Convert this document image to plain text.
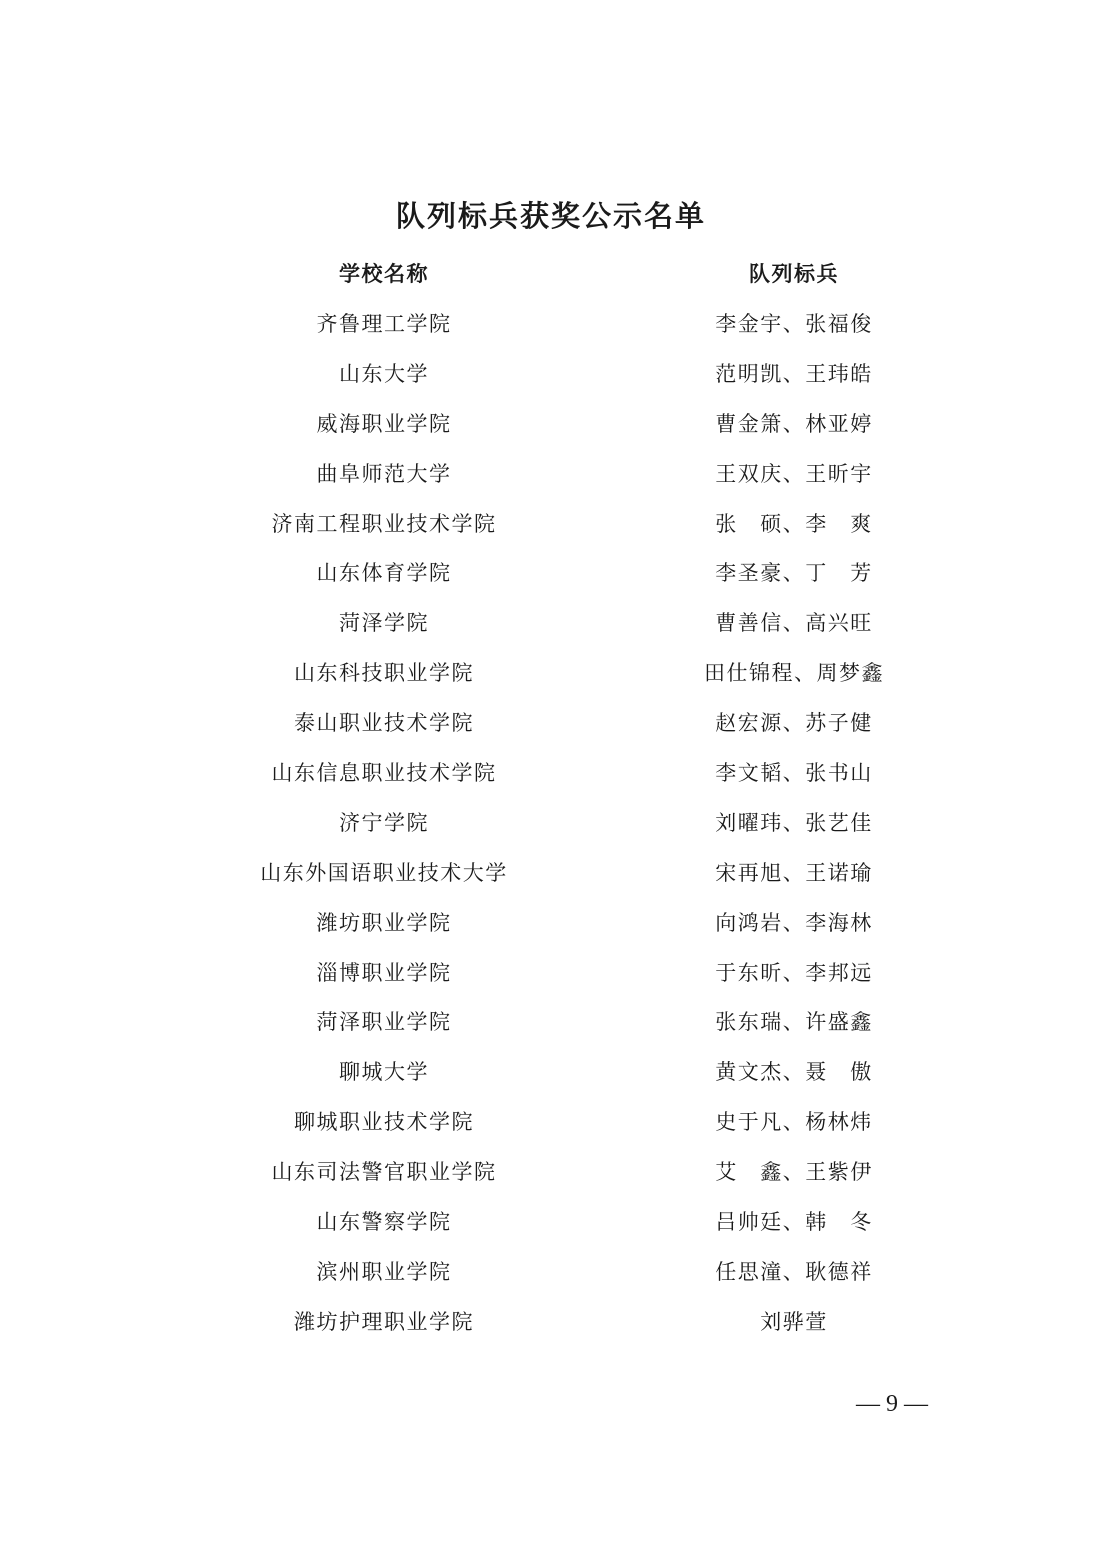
队列标兵获奖公示名单
学校名称	队列标兵
齐鲁理工学院	李金宇、张福俊
山东大学	范明凯、王玮皓
威海职业学院	曹金箫、林亚婷
曲阜师范大学	王双庆、王昕宇
济南工程职业技术学院	张　硕、李　爽
山东体育学院	李圣豪、丁　芳
菏泽学院	曹善信、高兴旺
山东科技职业学院	田仕锦程、周梦鑫
泰山职业技术学院	赵宏源、苏子健
山东信息职业技术学院	李文韬、张书山
济宁学院	刘曜玮、张艺佳
山东外国语职业技术大学	宋再旭、王诺瑜
潍坊职业学院	向鸿岩、李海林
淄博职业学院	于东昕、李邦远
菏泽职业学院	张东瑞、许盛鑫
聊城大学	黄文杰、聂　傲
聊城职业技术学院	史于凡、杨林炜
山东司法警官职业学院	艾　鑫、王紫伊
山东警察学院	吕帅廷、韩　冬
滨州职业学院	任思潼、耿德祥
潍坊护理职业学院	刘骅萱
— 9 —
